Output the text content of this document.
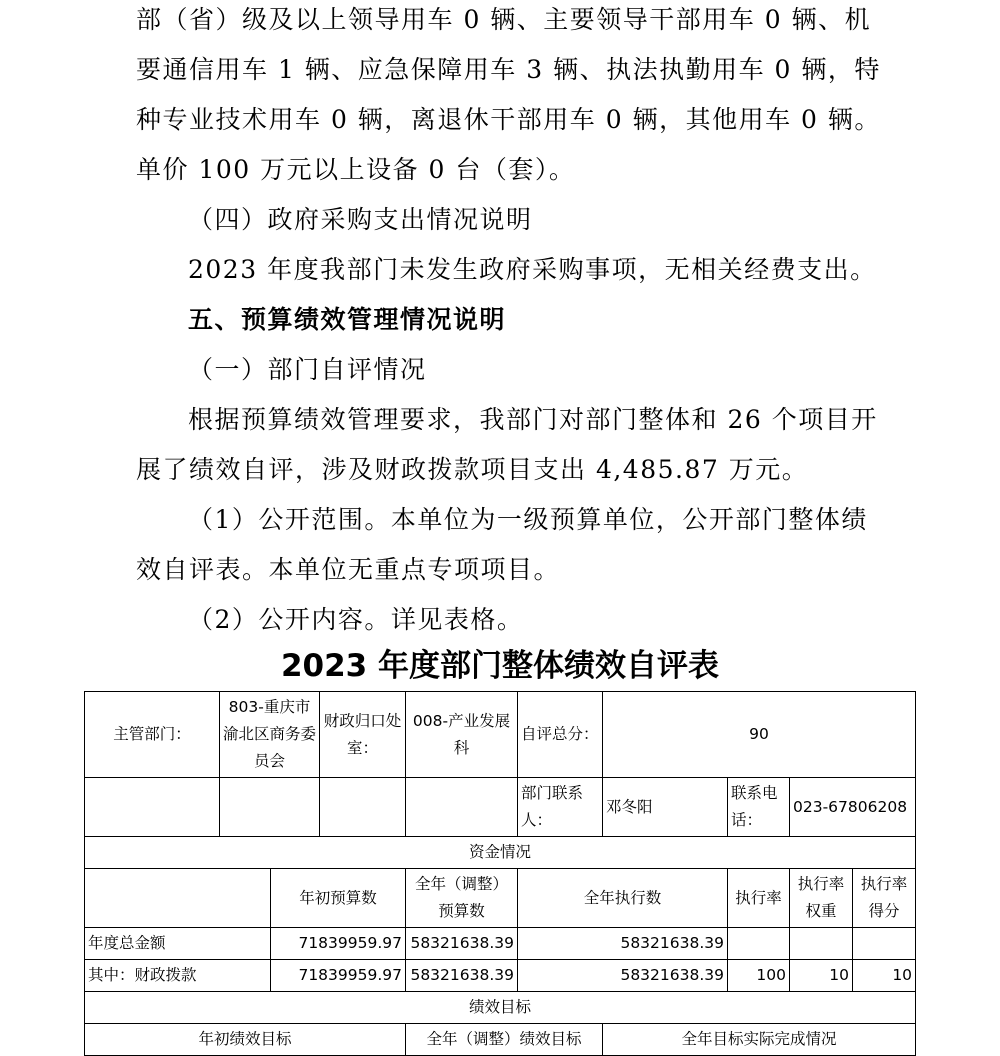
部（省）级及以上领导用车 0 辆、主要领导干部用车 0 辆、机
要通信用车 1 辆、应急保障用车 3 辆、执法执勤用车 0 辆，特
种专业技术用车 0 辆，离退休干部用车 0 辆，其他用车 0 辆。
单价 100 万元以上设备 0 台（套）。
（四）政府采购支出情况说明
2023 年度我部门未发生政府采购事项，无相关经费支出。
五、预算绩效管理情况说明
（一）部门自评情况
根据预算绩效管理要求，我部门对部门整体和 26 个项目开
展了绩效自评，涉及财政拨款项目支出 4,485.87 万元。
（1）公开范围。本单位为一级预算单位，公开部门整体绩
效自评表。本单位无重点专项项目。
（2）公开内容。详见表格。
2023 年度部门整体绩效自评表
主管部门：	803-重庆市渝北区商务委员会		财政归口处室：	008-产业发展科	自评总分：	90			
					部门联系人：	邓冬阳	联系电话：	023-67806208	
资金情况									
		年初预算数		全年（调整）预算数	全年执行数		执行率	执行率权重	执行率得分
年度总金额		71839959.97		58321638.39	58321638.39				
其中：财政拨款		71839959.97		58321638.39	58321638.39		100	10	10
绩效目标									
年初绩效目标				全年（调整）绩效目标		全年目标实际完成情况			
